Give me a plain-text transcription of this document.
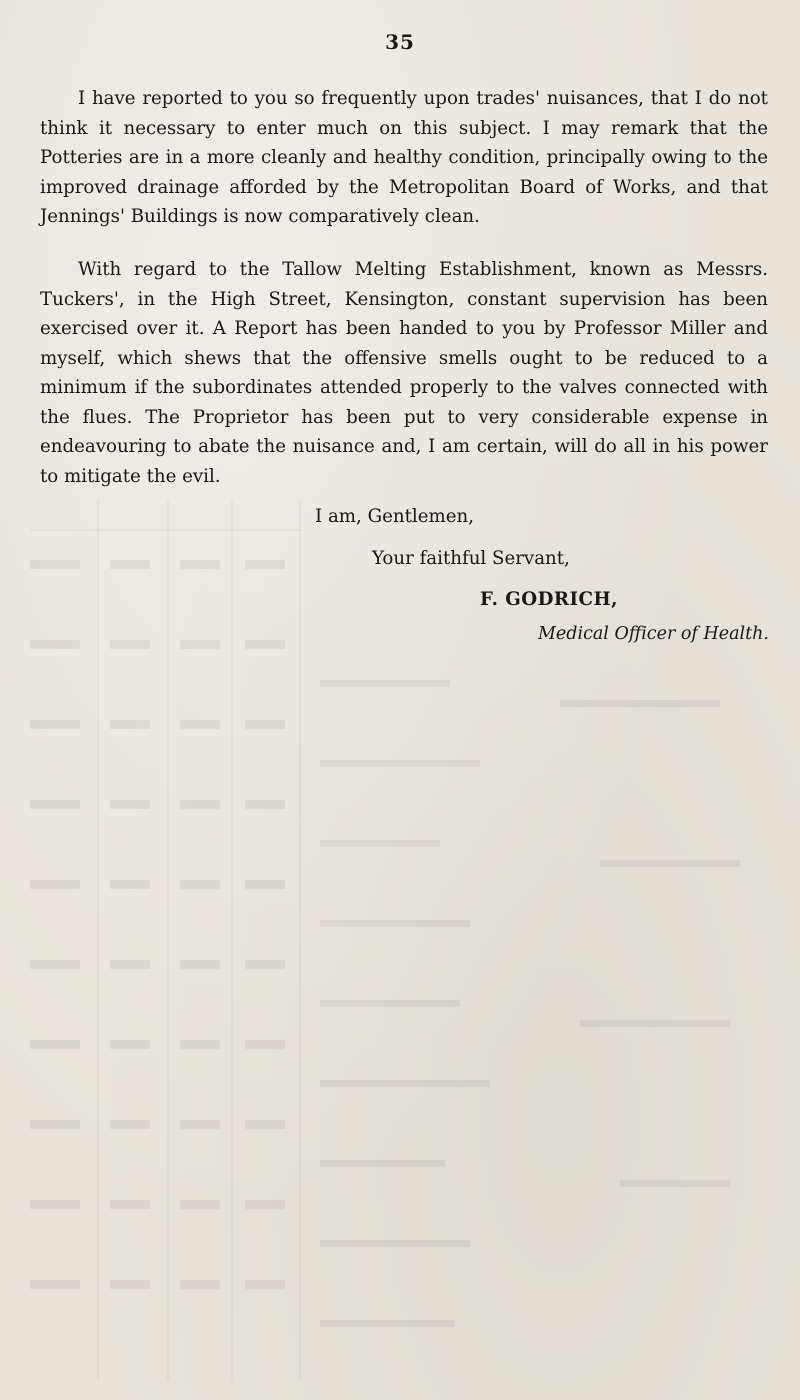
35

I have reported to you so frequently upon trades' nuisances, that I do not think it necessary to enter much on this subject. I may remark that the Potteries are in a more cleanly and healthy condition, principally owing to the improved drainage afforded by the Metropolitan Board of Works, and that Jennings' Buildings is now comparatively clean.

With regard to the Tallow Melting Establishment, known as Messrs. Tuckers', in the High Street, Kensington, constant supervision has been exercised over it. A Report has been handed to you by Professor Miller and myself, which shews that the offensive smells ought to be reduced to a minimum if the subordinates attended properly to the valves connected with the flues. The Proprietor has been put to very considerable expense in endeavouring to abate the nuisance and, I am certain, will do all in his power to mitigate the evil.

I am, Gentlemen,
Your faithful Servant,
F. GODRICH,
Medical Officer of Health.
